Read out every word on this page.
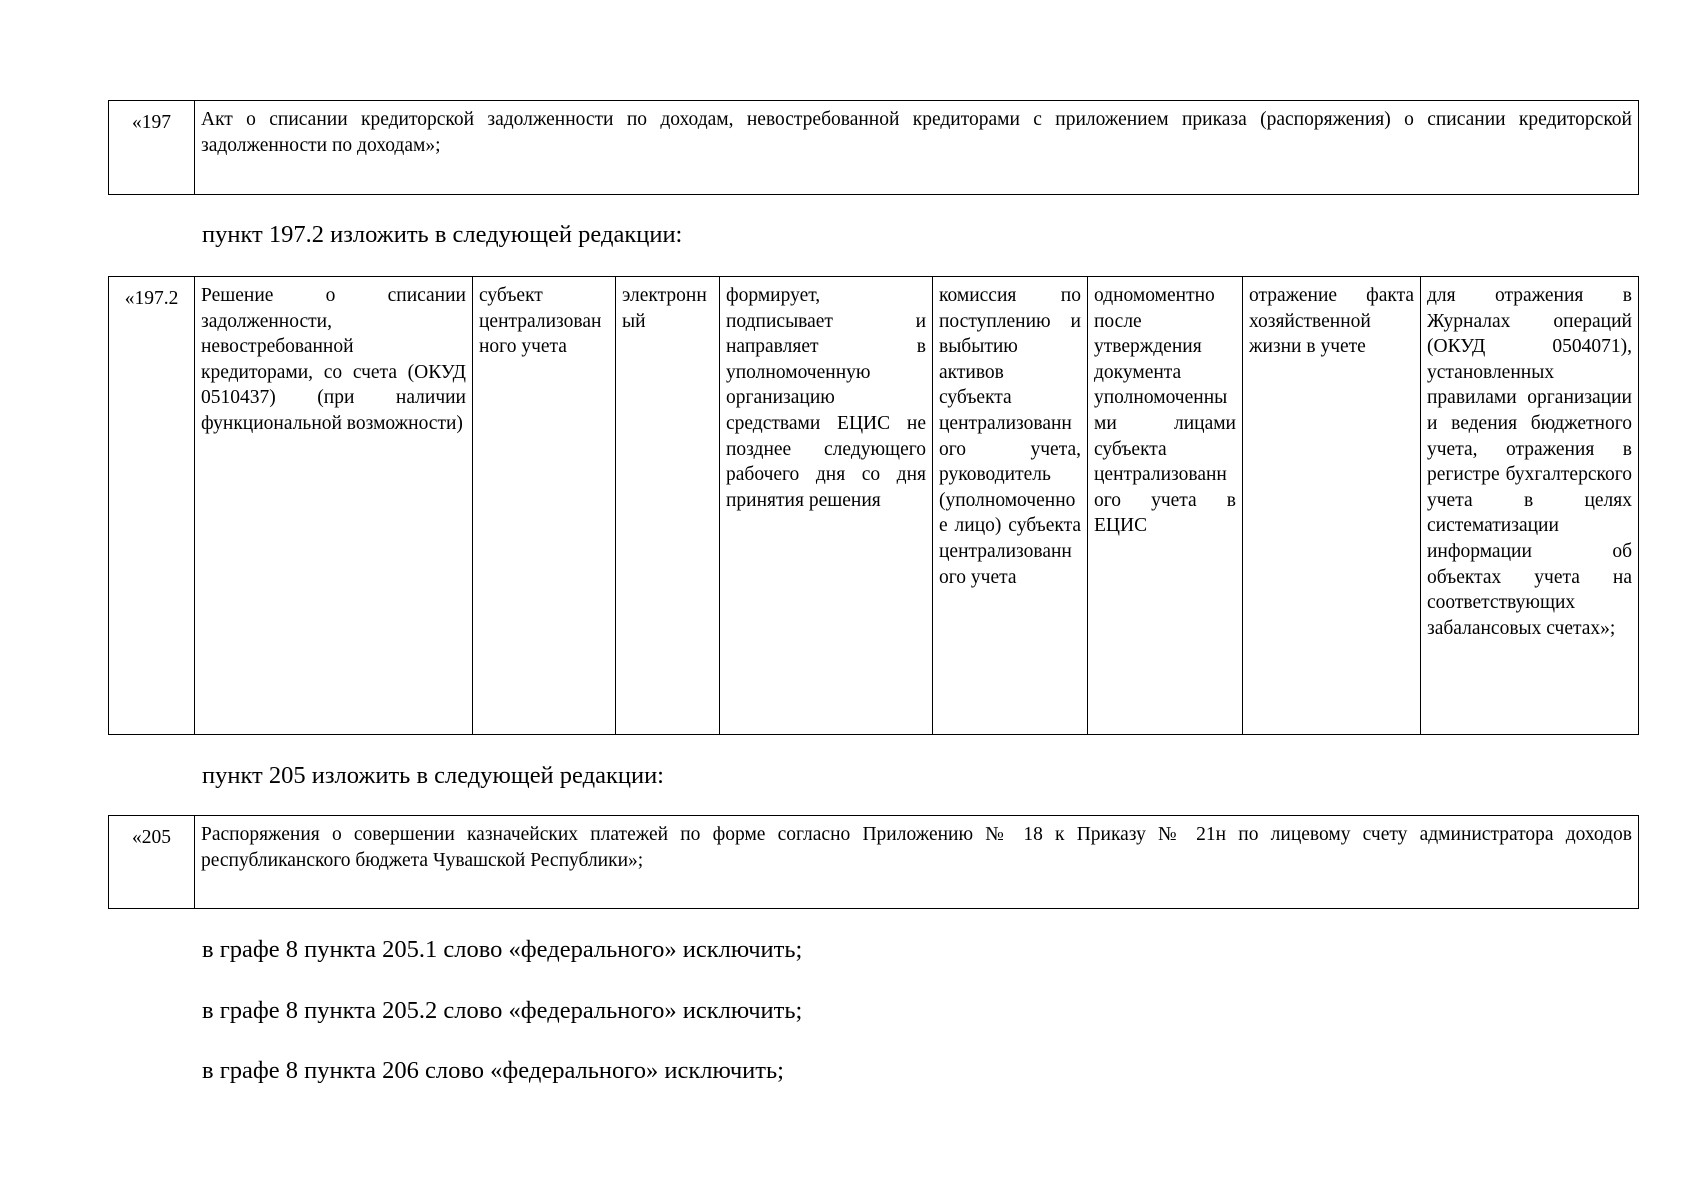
«197	Акт о списании кредиторской задолженности по доходам, невостребованной кредиторами с приложением приказа (распоряжения) о списании кредиторской задолженности по доходам»;

пункт 197.2 изложить в следующей редакции:

«197.2	Решение о списании задолженности, невостребованной кредиторами, со счета (ОКУД 0510437) (при наличии функциональной возможности)	субъект централизованного учета	электронный	формирует, подписывает и направляет в уполномоченную организацию средствами ЕЦИС не позднее следующего рабочего дня со дня принятия решения	комиссия по поступлению и выбытию активов субъекта централизованного учета, руководитель (уполномоченное лицо) субъекта централизованного учета	одномоментно после утверждения документа уполномоченными лицами субъекта централизованного учета в ЕЦИС	отражение факта хозяйственной жизни в учете	для отражения в Журналах операций (ОКУД 0504071), установленных правилами организации и ведения бюджетного учета, отражения в регистре бухгалтерского учета в целях систематизации информации об объектах учета на соответствующих забалансовых счетах»;

пункт 205 изложить в следующей редакции:

«205	Распоряжения о совершении казначейских платежей по форме согласно Приложению № 18 к Приказу № 21н по лицевому счету администратора доходов республиканского бюджета Чувашской Республики»;

в графе 8 пункта 205.1 слово «федерального» исключить;

в графе 8 пункта 205.2 слово «федерального» исключить;

в графе 8 пункта 206 слово «федерального» исключить;
